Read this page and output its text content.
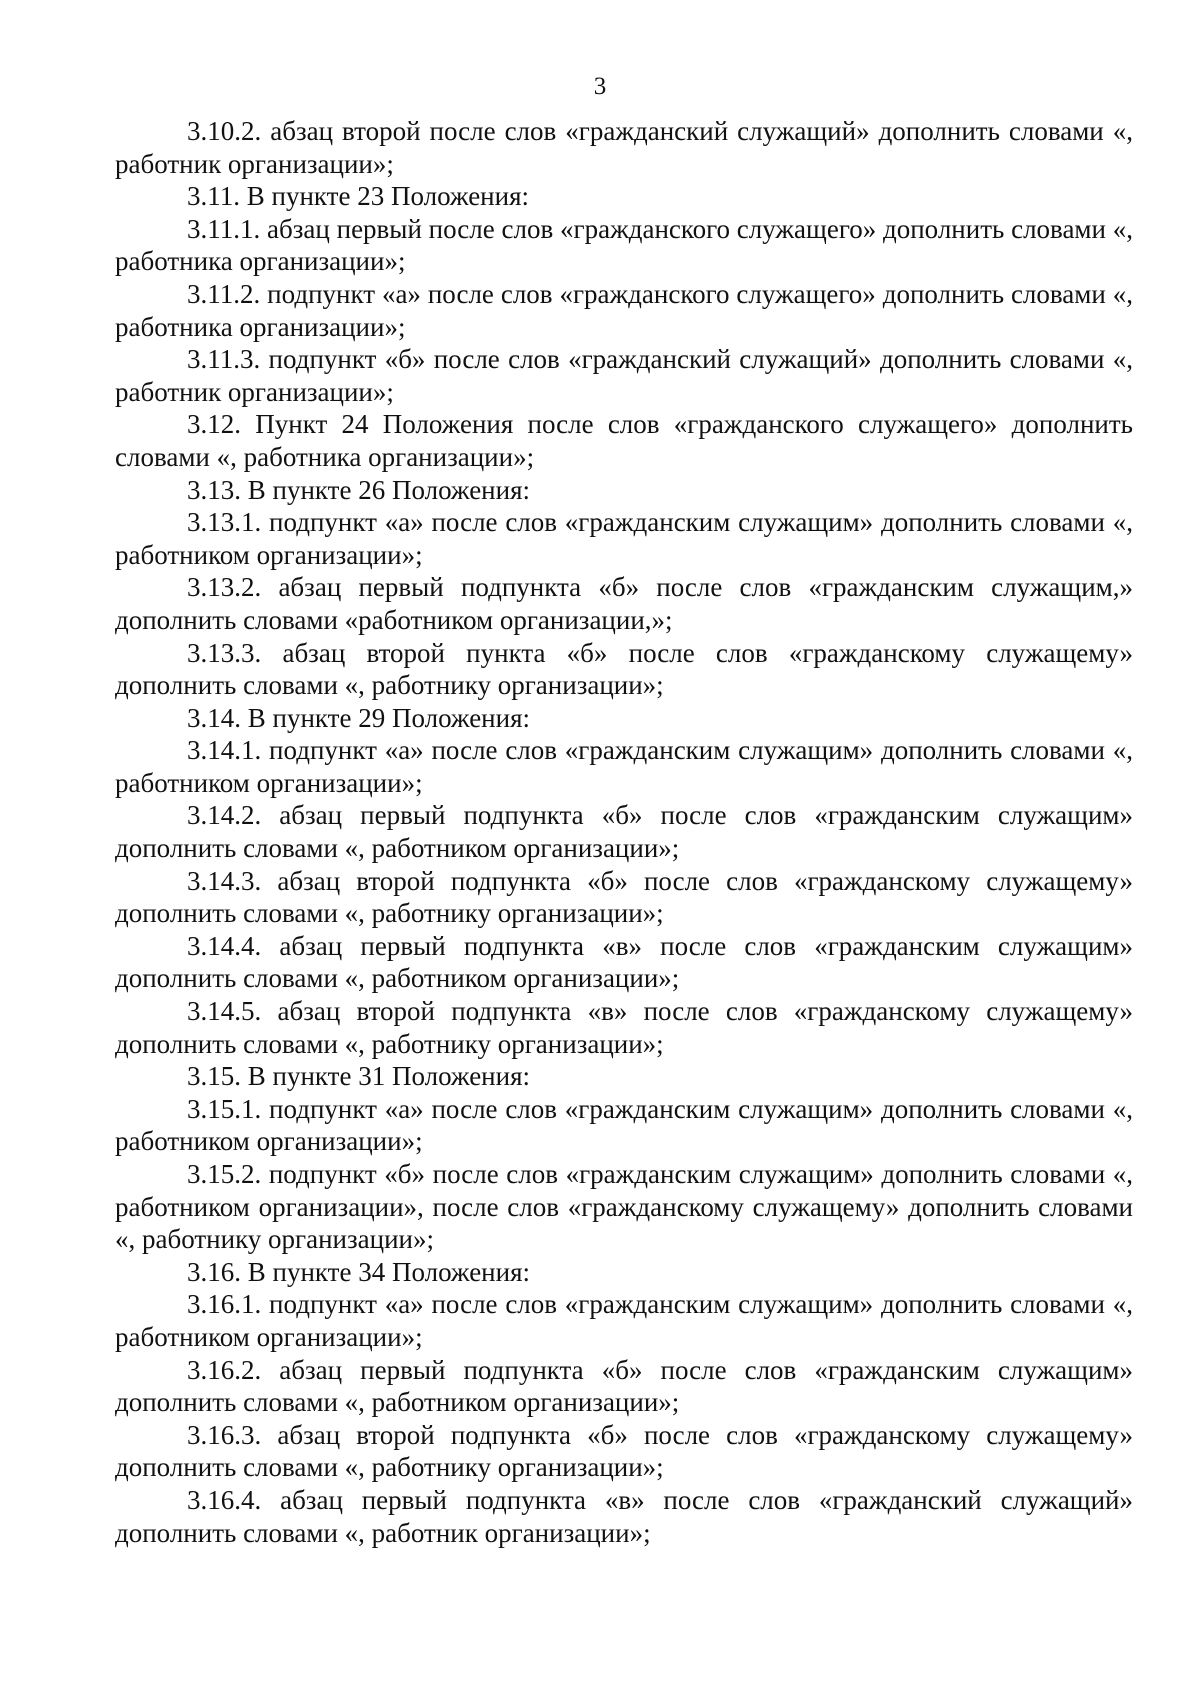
3

3.10.2. абзац второй после слов «гражданский служащий» дополнить словами «, работник организации»;

3.11. В пункте 23 Положения:

3.11.1. абзац первый после слов «гражданского служащего» дополнить словами «, работника организации»;

3.11.2. подпункт «а» после слов «гражданского служащего» дополнить словами «, работника организации»;

3.11.3. подпункт «б» после слов «гражданский служащий» дополнить словами «, работник организации»;

3.12. Пункт 24 Положения после слов «гражданского служащего» дополнить словами «, работника организации»;

3.13. В пункте 26 Положения:

3.13.1. подпункт «а» после слов «гражданским служащим» дополнить словами «, работником организации»;

3.13.2. абзац первый подпункта «б» после слов «гражданским служащим,» дополнить словами «работником организации,»;

3.13.3. абзац второй пункта «б» после слов «гражданскому служащему» дополнить словами «, работнику организации»;

3.14. В пункте 29 Положения:

3.14.1. подпункт «а» после слов «гражданским служащим» дополнить словами «, работником организации»;

3.14.2. абзац первый подпункта «б» после слов «гражданским служащим» дополнить словами «, работником организации»;

3.14.3. абзац второй подпункта «б» после слов «гражданскому служащему» дополнить словами «, работнику организации»;

3.14.4. абзац первый подпункта «в» после слов «гражданским служащим» дополнить словами «, работником организации»;

3.14.5. абзац второй подпункта «в» после слов «гражданскому служащему» дополнить словами «, работнику организации»;

3.15. В пункте 31 Положения:

3.15.1. подпункт «а» после слов «гражданским служащим» дополнить словами «, работником организации»;

3.15.2. подпункт «б» после слов «гражданским служащим» дополнить словами «, работником организации», после слов «гражданскому служащему» дополнить словами «, работнику организации»;

3.16. В пункте 34 Положения:

3.16.1. подпункт «а» после слов «гражданским служащим» дополнить словами «, работником организации»;

3.16.2. абзац первый подпункта «б» после слов «гражданским служащим» дополнить словами «, работником организации»;

3.16.3. абзац второй подпункта «б» после слов «гражданскому служащему» дополнить словами «, работнику организации»;

3.16.4. абзац первый подпункта «в» после слов «гражданский служащий» дополнить словами «, работник организации»;
